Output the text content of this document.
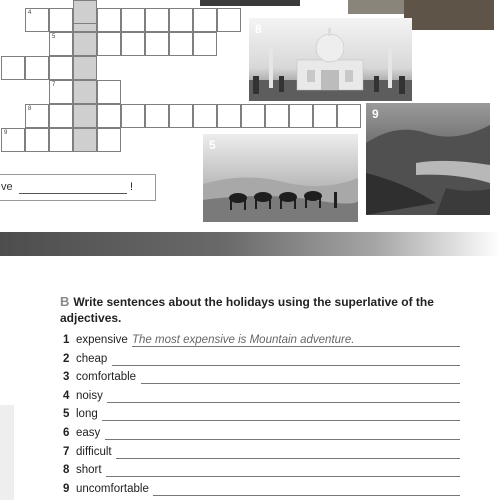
4
5
7
8
9
ve	!
8
5
9
B Write sentences about the holidays using the superlative of the adjectives.
1 expensive The most expensive is Mountain adventure.
2 cheap
3 comfortable
4 noisy
5 long
6 easy
7 difficult
8 short
9 uncomfortable
